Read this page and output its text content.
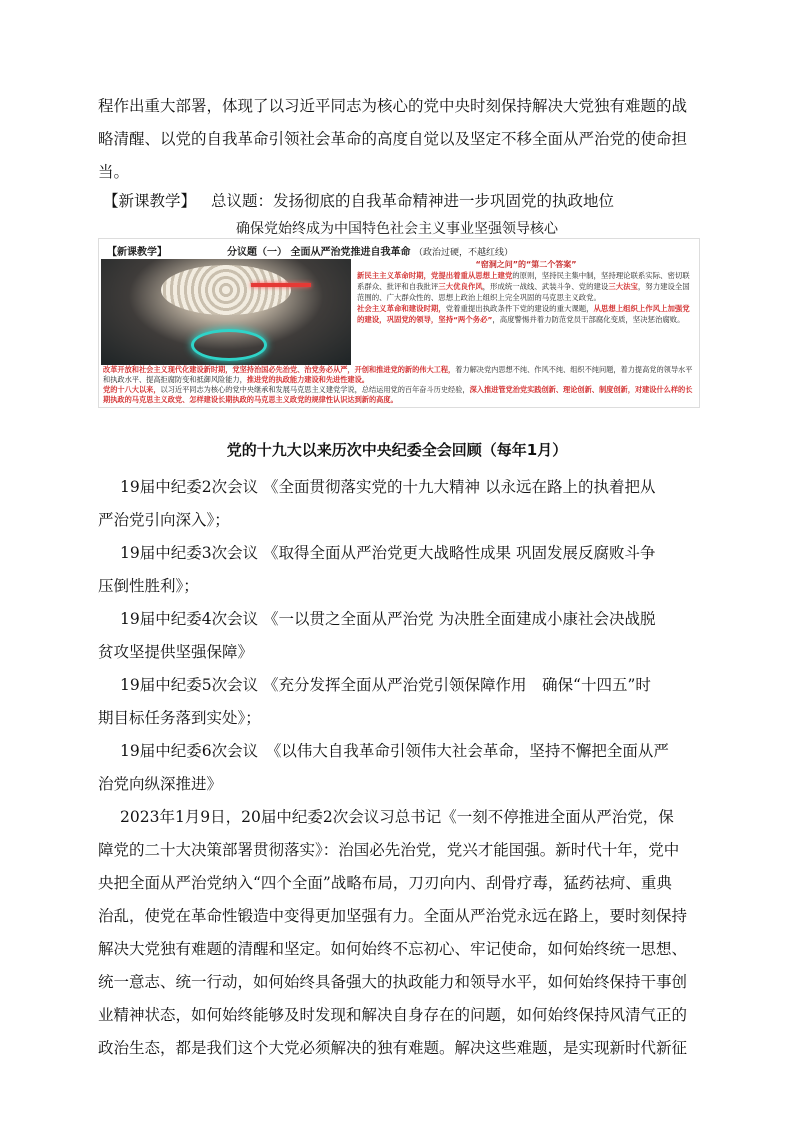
程作出重大部署，体现了以习近平同志为核心的党中央时刻保持解决大党独有难题的战
略清醒、以党的自我革命引领社会革命的高度自觉以及坚定不移全面从严治党的使命担
当。
【新课教学】 总议题：发扬彻底的自我革命精神进一步巩固党的执政地位
确保党始终成为中国特色社会主义事业坚强领导核心
【新课教学】	分议题（一） 全面从严治党推进自我革命 （政治过硬，不越红线）
“窑洞之问”的“第二个答案”
新民主主义革命时期，党提出着重从思想上建党的原则，坚持民主集中制，坚持理论联系实际、密切联系群众、批评和自我批评三大优良作风，形成统一战线、武装斗争、党的建设三大法宝，努力建设全国范围的、广大群众性的、思想上政治上组织上完全巩固的马克思主义政党。
社会主义革命和建设时期，党着重提出执政条件下党的建设的重大课题，从思想上组织上作风上加强党的建设，巩固党的领导，坚持“两个务必”，高度警惕并着力防范党员干部腐化变质，坚决惩治腐败。
改革开放和社会主义现代化建设新时期，党坚持治国必先治党、治党务必从严，开创和推进党的新的伟大工程，着力解决党内思想不纯、作风不纯、组织不纯问题，着力提高党的领导水平和执政水平、提高拒腐防变和抵御风险能力，推进党的执政能力建设和先进性建设。
党的十八大以来，以习近平同志为核心的党中央继承和发展马克思主义建党学说，总结运用党的百年奋斗历史经验，深入推进管党治党实践创新、理论创新、制度创新，对建设什么样的长期执政的马克思主义政党、怎样建设长期执政的马克思主义政党的规律性认识达到新的高度。
党的十九大以来历次中央纪委全会回顾（每年1月）
19届中纪委2次会议 《全面贯彻落实党的十九大精神 以永远在路上的执着把从
严治党引向深入》；
19届中纪委3次会议 《取得全面从严治党更大战略性成果 巩固发展反腐败斗争
压倒性胜利》；
19届中纪委4次会议 《一以贯之全面从严治党 为决胜全面建成小康社会决战脱
贫攻坚提供坚强保障》
19届中纪委5次会议 《充分发挥全面从严治党引领保障作用　确保“十四五”时
期目标任务落到实处》；
19届中纪委6次会议　《以伟大自我革命引领伟大社会革命，坚持不懈把全面从严
治党向纵深推进》
2023年1月9日，20届中纪委2次会议习总书记《一刻不停推进全面从严治党，保
障党的二十大决策部署贯彻落实》：治国必先治党，党兴才能国强。新时代十年，党中
央把全面从严治党纳入“四个全面”战略布局，刀刃向内、刮骨疗毒，猛药祛疴、重典
治乱，使党在革命性锻造中变得更加坚强有力。全面从严治党永远在路上，要时刻保持
解决大党独有难题的清醒和坚定。如何始终不忘初心、牢记使命，如何始终统一思想、
统一意志、统一行动，如何始终具备强大的执政能力和领导水平，如何始终保持干事创
业精神状态，如何始终能够及时发现和解决自身存在的问题，如何始终保持风清气正的
政治生态，都是我们这个大党必须解决的独有难题。解决这些难题，是实现新时代新征
